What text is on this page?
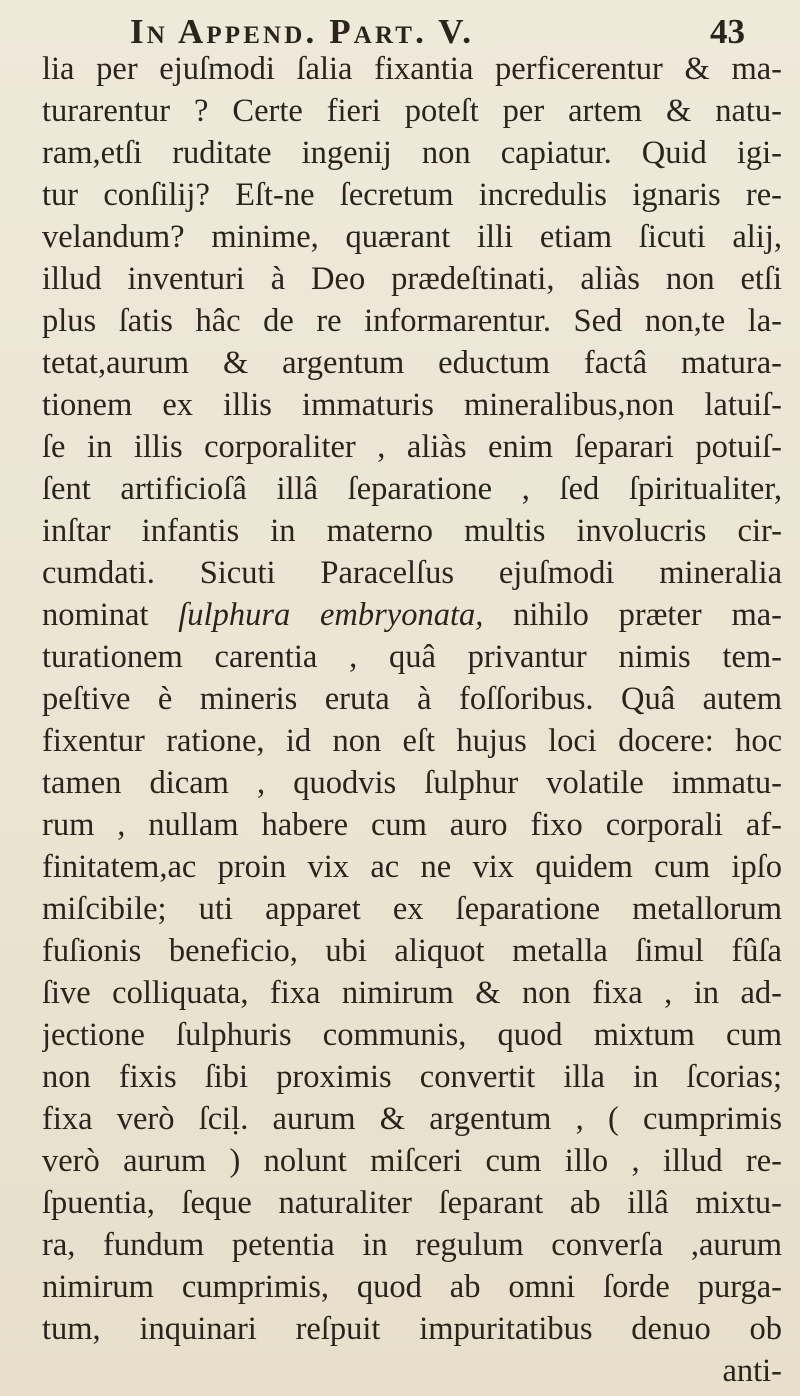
In Append. Part. V.	43
lia per ejuſmodi ſalia fixantia perficerentur & ma-
turarentur ? Certe fieri poteſt per artem & natu-
ram,etſi ruditate ingenij non capiatur. Quid igi-
tur conſilij? Eſt-ne ſecretum incredulis ignaris re-
velandum? minime, quærant illi etiam ſicuti alij,
illud inventuri à Deo prædeſtinati, aliàs non etſi
plus ſatis hâc de re informarentur. Sed non,te la-
tetat,aurum & argentum eductum factâ matura-
tionem ex illis immaturis mineralibus,non latuiſ-
ſe in illis corporaliter , aliàs enim ſeparari potuiſ-
ſent artificioſâ illâ ſeparatione , ſed ſpiritualiter,
inſtar infantis in materno multis involucris cir-
cumdati. Sicuti Paracelſus ejuſmodi mineralia
nominat ſulphura embryonata, nihilo præter ma-
turationem carentia , quâ privantur nimis tem-
peſtive è mineris eruta à foſſoribus. Quâ autem
fixentur ratione, id non eſt hujus loci docere: hoc
tamen dicam , quodvis ſulphur volatile immatu-
rum , nullam habere cum auro fixo corporali af-
finitatem,ac proin vix ac ne vix quidem cum ipſo
miſcibile; uti apparet ex ſeparatione metallorum
fuſionis beneficio, ubi aliquot metalla ſimul fûſa
ſive colliquata, fixa nimirum & non fixa , in ad-
jectione ſulphuris communis, quod mixtum cum
non fixis ſibi proximis convertit illa in ſcorias;
fixa verò ſciḷ. aurum & argentum , ( cumprimis
verò aurum ) nolunt miſceri cum illo , illud re-
ſpuentia, ſeque naturaliter ſeparant ab illâ mixtu-
ra, fundum petentia in regulum converſa ,aurum
nimirum cumprimis, quod ab omni ſorde purga-
tum, inquinari reſpuit impuritatibus denuo ob
anti-
